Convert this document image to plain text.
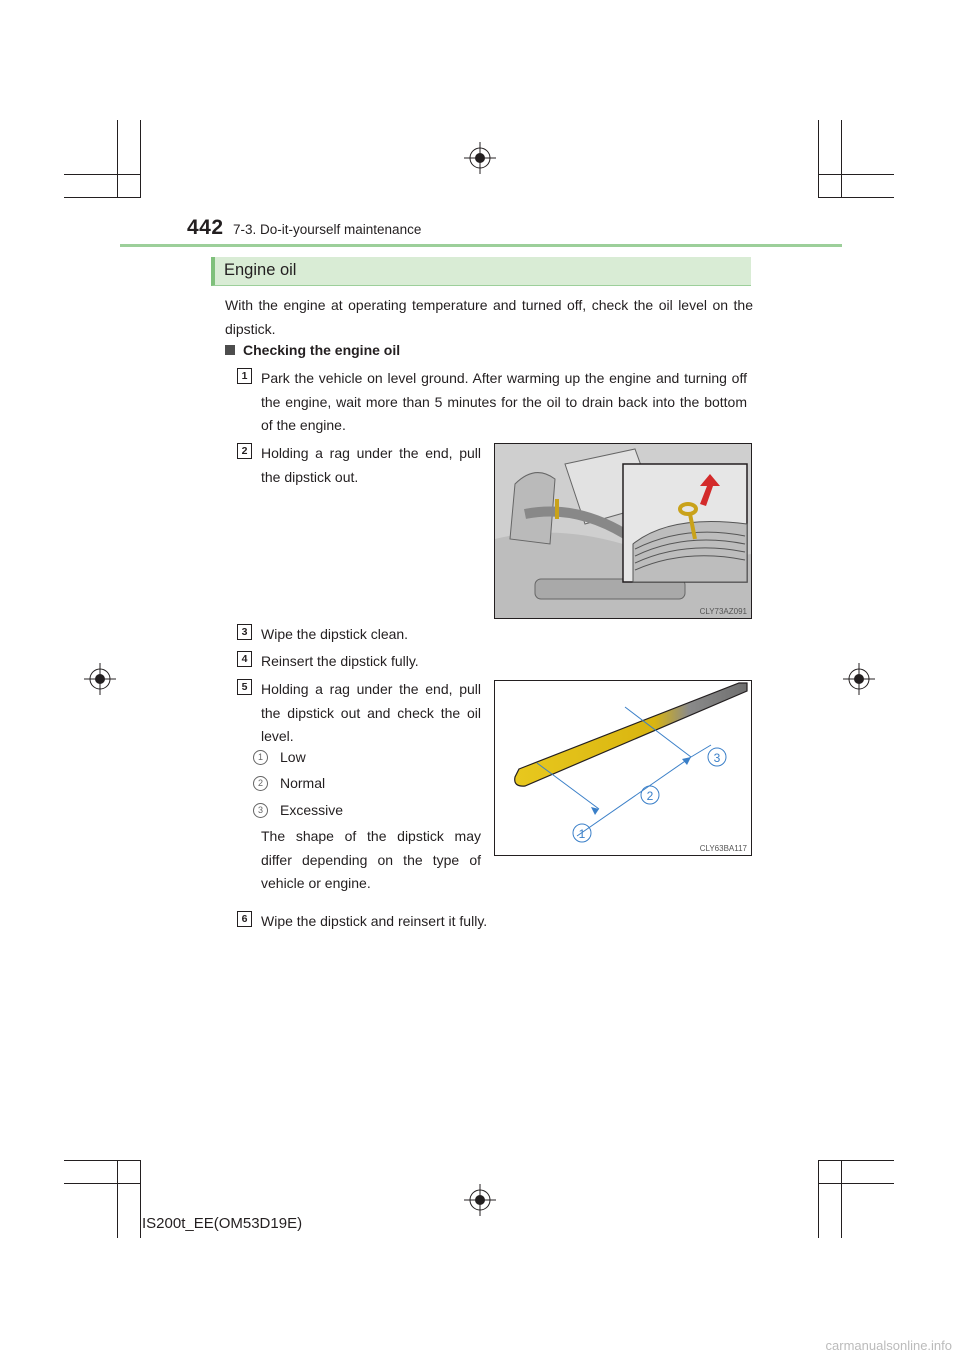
442 7-3. Do-it-yourself maintenance
Engine oil
With the engine at operating temperature and turned off, check the oil level on the dipstick.
Checking the engine oil
1 Park the vehicle on level ground. After warming up the engine and turning off the engine, wait more than 5 minutes for the oil to drain back into the bottom of the engine.
2 Holding a rag under the end, pull the dipstick out.
CLY73AZ091
3 Wipe the dipstick clean.
4 Reinsert the dipstick fully.
5 Holding a rag under the end, pull the dipstick out and check the oil level.
1	Low
2	Normal
3	Excessive
The shape of the dipstick may differ depending on the type of vehicle or engine.
1
2
3
CLY63BA117
6 Wipe the dipstick and reinsert it fully.
IS200t_EE(OM53D19E)
carmanualsonline.info
